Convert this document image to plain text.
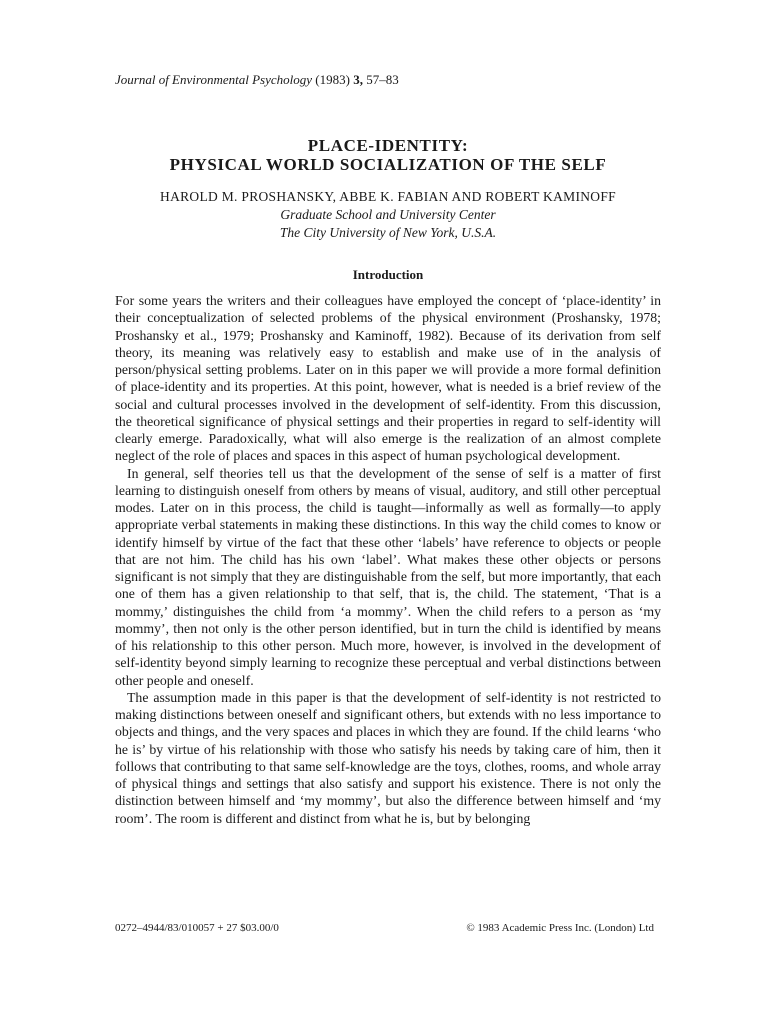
Journal of Environmental Psychology (1983) 3, 57–83
PLACE-IDENTITY:
PHYSICAL WORLD SOCIALIZATION OF THE SELF
HAROLD M. PROSHANSKY, ABBE K. FABIAN AND ROBERT KAMINOFF
Graduate School and University Center
The City University of New York, U.S.A.
Introduction

For some years the writers and their colleagues have employed the concept of ‘place-identity’ in their conceptualization of selected problems of the physical environment (Proshansky, 1978; Proshansky et al., 1979; Proshansky and Kaminoff, 1982). Because of its derivation from self theory, its meaning was relatively easy to establish and make use of in the analysis of person/physical setting problems. Later on in this paper we will provide a more formal definition of place-identity and its properties. At this point, however, what is needed is a brief review of the social and cultural processes involved in the development of self-identity. From this discussion, the theoretical significance of physical settings and their properties in regard to self-identity will clearly emerge. Paradoxically, what will also emerge is the realization of an almost complete neglect of the role of places and spaces in this aspect of human psychological development.

In general, self theories tell us that the development of the sense of self is a matter of first learning to distinguish oneself from others by means of visual, auditory, and still other perceptual modes. Later on in this process, the child is taught—informally as well as formally—to apply appropriate verbal statements in making these distinctions. In this way the child comes to know or identify himself by virtue of the fact that these other ‘labels’ have reference to objects or people that are not him. The child has his own ‘label’. What makes these other objects or persons significant is not simply that they are distinguishable from the self, but more importantly, that each one of them has a given relationship to that self, that is, the child. The statement, ‘That is a mommy,’ distinguishes the child from ‘a mommy’. When the child refers to a person as ‘my mommy’, then not only is the other person identified, but in turn the child is identified by means of his relationship to this other person. Much more, however, is involved in the development of self-identity beyond simply learning to recognize these perceptual and verbal distinctions between other people and oneself.

The assumption made in this paper is that the development of self-identity is not restricted to making distinctions between oneself and significant others, but extends with no less importance to objects and things, and the very spaces and places in which they are found. If the child learns ‘who he is’ by virtue of his relationship with those who satisfy his needs by taking care of him, then it follows that contributing to that same self-knowledge are the toys, clothes, rooms, and whole array of physical things and settings that also satisfy and support his existence. There is not only the distinction between himself and ‘my mommy’, but also the difference between himself and ‘my room’. The room is different and distinct from what he is, but by belonging

0272–4944/83/010057 + 27 $03.00/0	© 1983 Academic Press Inc. (London) Ltd
